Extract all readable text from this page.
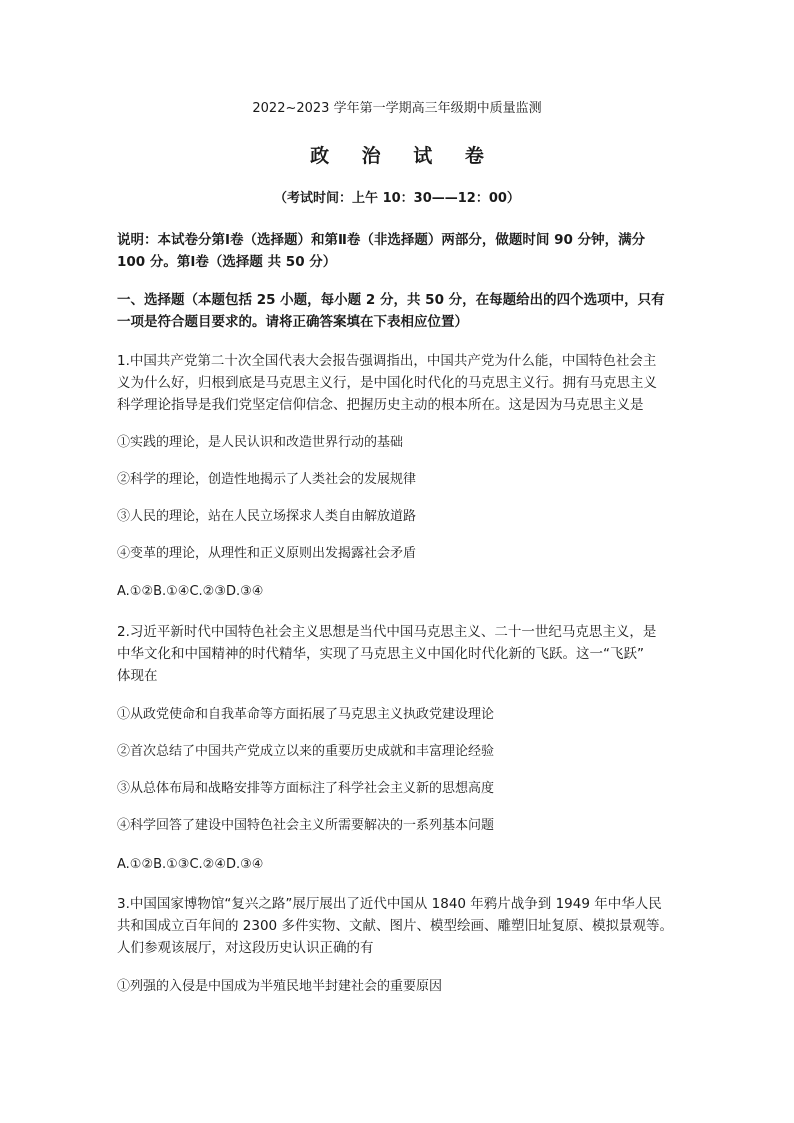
2022~2023 学年第一学期高三年级期中质量监测
政 治 试 卷
（考试时间：上午 10：30——12：00）
说明：本试卷分第Ⅰ卷（选择题）和第Ⅱ卷（非选择题）两部分，做题时间 90 分钟，满分
100 分。第Ⅰ卷（选择题 共 50 分）
一、选择题（本题包括 25 小题，每小题 2 分，共 50 分，在每题给出的四个选项中，只有
一项是符合题目要求的。请将正确答案填在下表相应位置）
1.中国共产党第二十次全国代表大会报告强调指出，中国共产党为什么能，中国特色社会主
义为什么好，归根到底是马克思主义行，是中国化时代化的马克思主义行。拥有马克思主义
科学理论指导是我们党坚定信仰信念、把握历史主动的根本所在。这是因为马克思主义是
①实践的理论，是人民认识和改造世界行动的基础
②科学的理论，创造性地揭示了人类社会的发展规律
③人民的理论，站在人民立场探求人类自由解放道路
④变革的理论，从理性和正义原则出发揭露社会矛盾
A.①②B.①④C.②③D.③④
2.习近平新时代中国特色社会主义思想是当代中国马克思主义、二十一世纪马克思主义，是
中华文化和中国精神的时代精华，实现了马克思主义中国化时代化新的飞跃。这一“飞跃”
体现在
①从政党使命和自我革命等方面拓展了马克思主义执政党建设理论
②首次总结了中国共产党成立以来的重要历史成就和丰富理论经验
③从总体布局和战略安排等方面标注了科学社会主义新的思想高度
④科学回答了建设中国特色社会主义所需要解决的一系列基本问题
A.①②B.①③C.②④D.③④
3.中国国家博物馆“复兴之路”展厅展出了近代中国从 1840 年鸦片战争到 1949 年中华人民
共和国成立百年间的 2300 多件实物、文献、图片、模型绘画、雕塑旧址复原、模拟景观等。
人们参观该展厅，对这段历史认识正确的有
①列强的入侵是中国成为半殖民地半封建社会的重要原因
